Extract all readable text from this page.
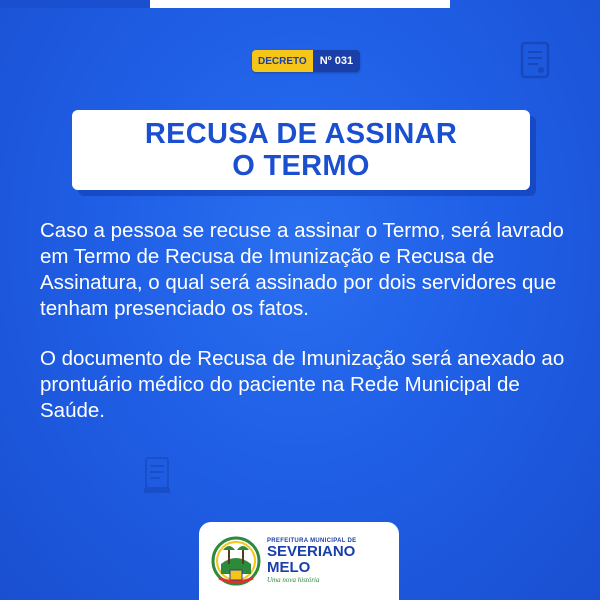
DECRETO	Nº 031
RECUSA DE ASSINAR
O TERMO
Caso a pessoa se recuse a assinar o Termo, será lavrado em Termo de Recusa de Imunização e Recusa de Assinatura, o qual será assinado por dois servidores que tenham presenciado os fatos.
O documento de Recusa de Imunização será anexado ao prontuário médico do paciente na Rede Municipal de Saúde.
PREFEITURA MUNICIPAL DE
SEVERIANO MELO
Uma nova história
